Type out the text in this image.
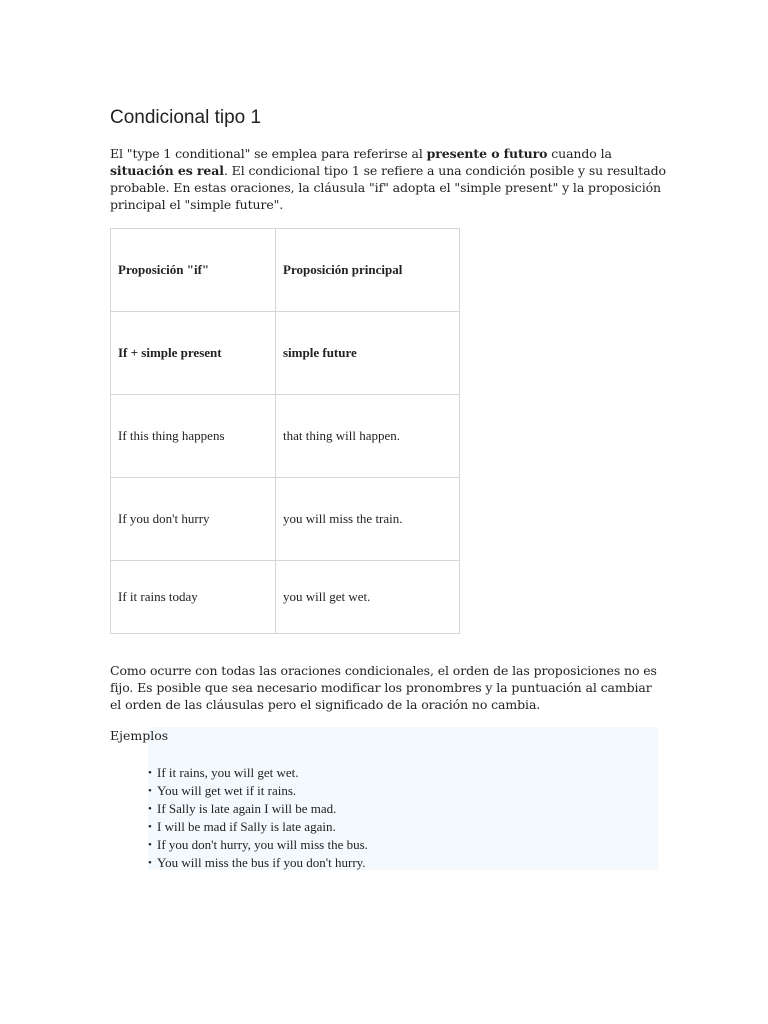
Condicional tipo 1

El "type 1 conditional" se emplea para referirse al presente o futuro cuando la situación es real. El condicional tipo 1 se refiere a una condición posible y su resultado probable. En estas oraciones, la cláusula "if" adopta el "simple present" y la proposición principal el "simple future".

Proposición "if"	Proposición principal
If + simple present	simple future
If this thing happens	that thing will happen.
If you don't hurry	you will miss the train.
If it rains today	you will get wet.

Como ocurre con todas las oraciones condicionales, el orden de las proposiciones no es fijo. Es posible que sea necesario modificar los pronombres y la puntuación al cambiar el orden de las cláusulas pero el significado de la oración no cambia.

Ejemplos

• If it rains, you will get wet.
• You will get wet if it rains.
• If Sally is late again I will be mad.
• I will be mad if Sally is late again.
• If you don't hurry, you will miss the bus.
• You will miss the bus if you don't hurry.
